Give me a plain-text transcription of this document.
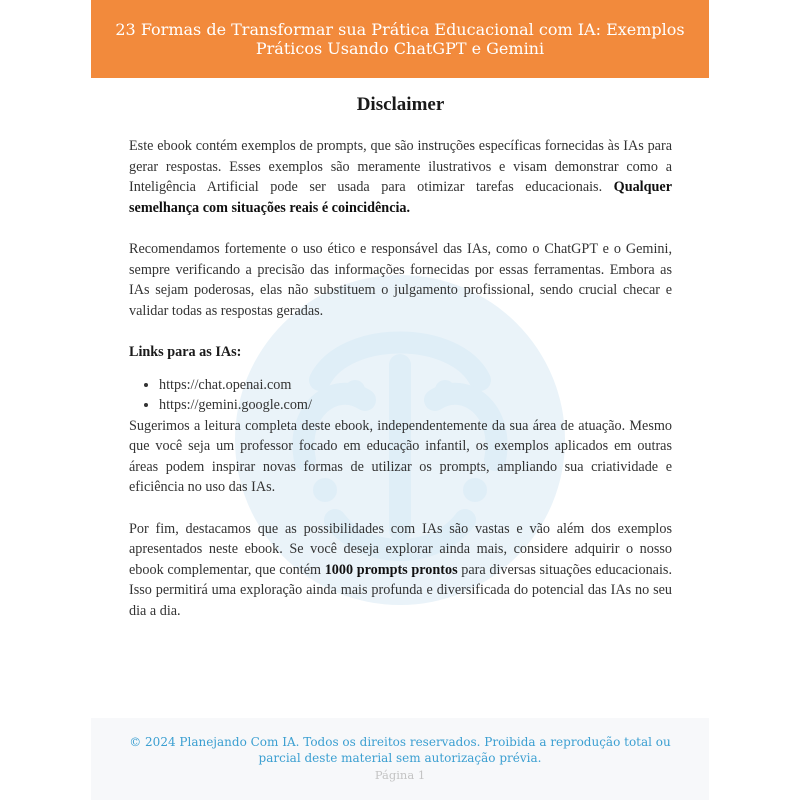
23 Formas de Transformar sua Prática Educacional com IA: Exemplos Práticos Usando ChatGPT e Gemini
Disclaimer

Este ebook contém exemplos de prompts, que são instruções específicas fornecidas às IAs para gerar respostas. Esses exemplos são meramente ilustrativos e visam demonstrar como a Inteligência Artificial pode ser usada para otimizar tarefas educacionais. Qualquer semelhança com situações reais é coincidência.

Recomendamos fortemente o uso ético e responsável das IAs, como o ChatGPT e o Gemini, sempre verificando a precisão das informações fornecidas por essas ferramentas. Embora as IAs sejam poderosas, elas não substituem o julgamento profissional, sendo crucial checar e validar todas as respostas geradas.

Links para as IAs:
• https://chat.openai.com
• https://gemini.google.com/

Sugerimos a leitura completa deste ebook, independentemente da sua área de atuação. Mesmo que você seja um professor focado em educação infantil, os exemplos aplicados em outras áreas podem inspirar novas formas de utilizar os prompts, ampliando sua criatividade e eficiência no uso das IAs.

Por fim, destacamos que as possibilidades com IAs são vastas e vão além dos exemplos apresentados neste ebook. Se você deseja explorar ainda mais, considere adquirir o nosso ebook complementar, que contém 1000 prompts prontos para diversas situações educacionais. Isso permitirá uma exploração ainda mais profunda e diversificada do potencial das IAs no seu dia a dia.

© 2024 Planejando Com IA. Todos os direitos reservados. Proibida a reprodução total ou parcial deste material sem autorização prévia.
Página 1
